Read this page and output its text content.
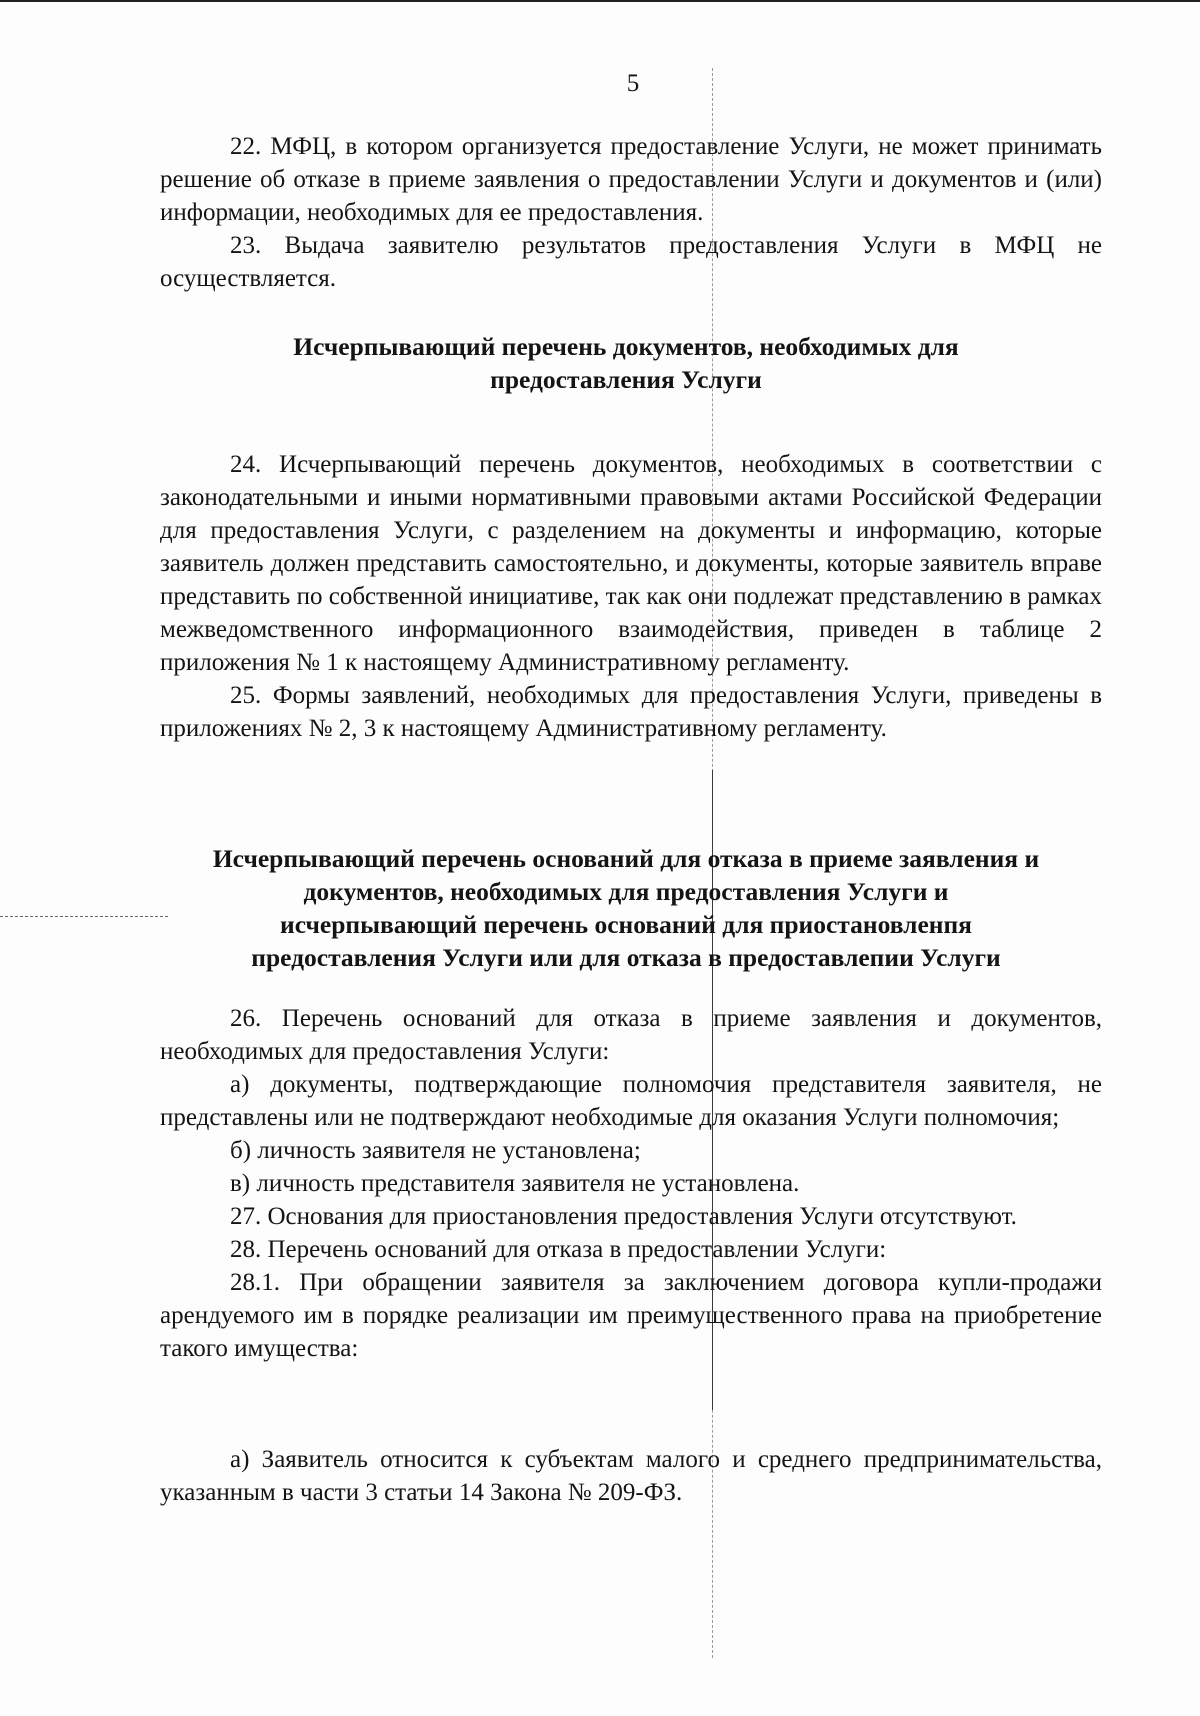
5

22. МФЦ, в котором организуется предоставление Услуги, не может принимать решение об отказе в приеме заявления о предоставлении Услуги и документов и (или) информации, необходимых для ее предоставления.

23. Выдача заявителю результатов предоставления Услуги в МФЦ не осуществляется.

Исчерпывающий перечень документов, необходимых для
предоставления Услуги

24. Исчерпывающий перечень документов, необходимых в соответствии с законодательными и иными нормативными правовыми актами Российской Федерации для предоставления Услуги, с разделением на документы и информацию, которые заявитель должен представить самостоятельно, и документы, которые заявитель вправе представить по собственной инициативе, так как они подлежат представлению в рамках межведомственного информационного взаимодействия, приведен в таблице 2 приложения № 1 к настоящему Административному регламенту.

25. Формы заявлений, необходимых для предоставления Услуги, приведены в приложениях № 2, 3 к настоящему Административному регламенту.

Исчерпывающий перечень оснований для отказа в приеме заявления и
документов, необходимых для предоставления Услуги и
исчерпывающий перечень оснований для приостановленпя
предоставления Услуги или для отказа в предоставлепии Услуги

26. Перечень оснований для отказа в приеме заявления и документов, необходимых для предоставления Услуги:

а) документы, подтверждающие полномочия представителя заявителя, не представлены или не подтверждают необходимые для оказания Услуги полномочия;

б) личность заявителя не установлена;

в) личность представителя заявителя не установлена.

27. Основания для приостановления предоставления Услуги отсутствуют.

28. Перечень оснований для отказа в предоставлении Услуги:

28.1. При обращении заявителя за заключением договора купли-продажи арендуемого им в порядке реализации им преимущественного права на приобретение такого имущества:

а) Заявитель относится к субъектам малого и среднего предпринимательства, указанным в части 3 статьи 14 Закона № 209-ФЗ.
